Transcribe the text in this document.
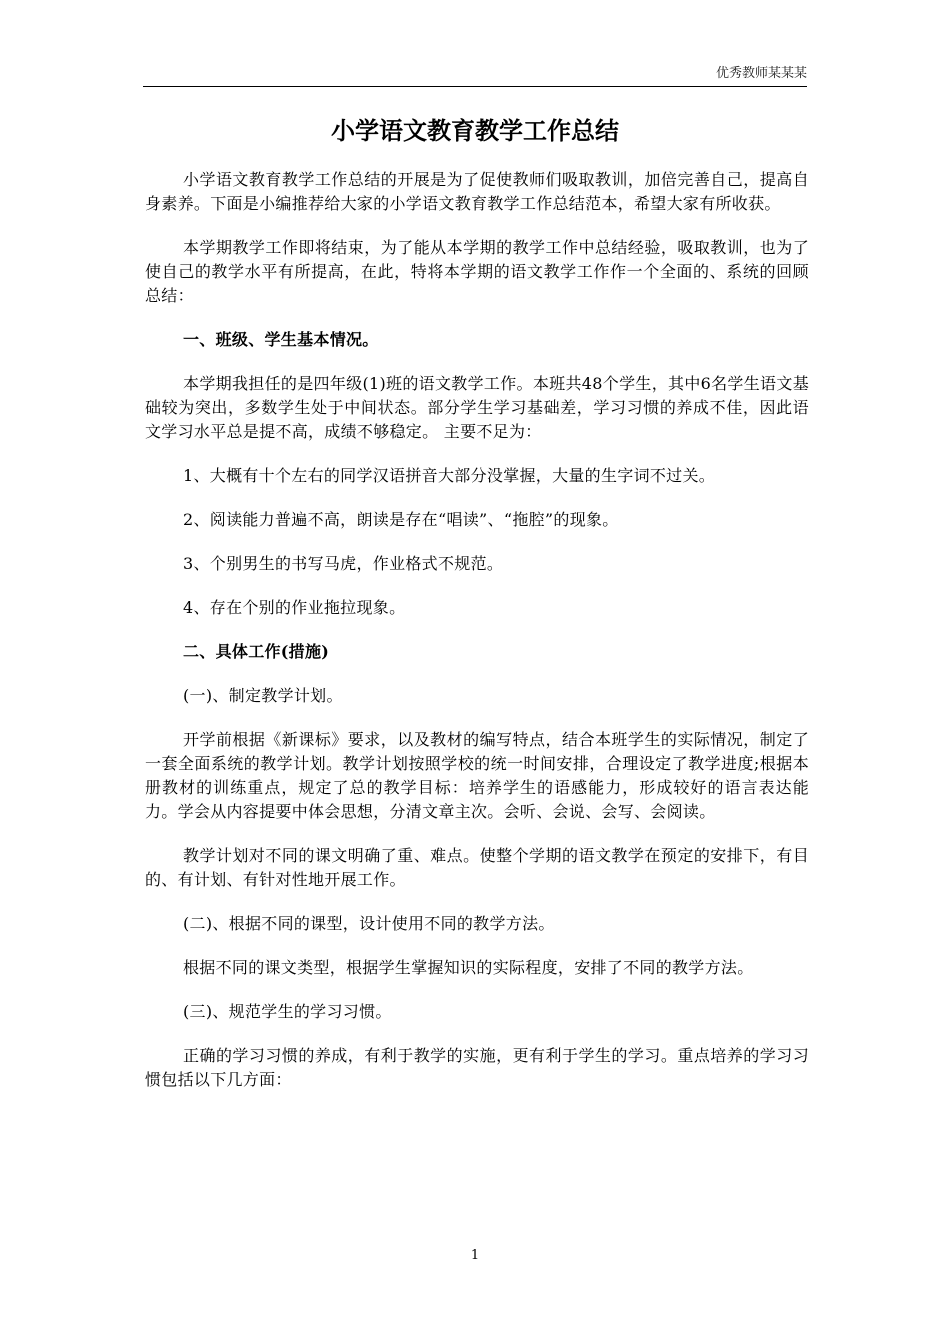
优秀教师某某某
小学语文教育教学工作总结

小学语文教育教学工作总结的开展是为了促使教师们吸取教训，加倍完善自己，提高自身素养。下面是小编推荐给大家的小学语文教育教学工作总结范本，希望大家有所收获。

本学期教学工作即将结束，为了能从本学期的教学工作中总结经验，吸取教训，也为了使自己的教学水平有所提高，在此，特将本学期的语文教学工作作一个全面的、系统的回顾总结：

一、班级、学生基本情况。

本学期我担任的是四年级(1)班的语文教学工作。本班共48个学生，其中6名学生语文基础较为突出，多数学生处于中间状态。部分学生学习基础差，学习习惯的养成不佳，因此语文学习水平总是提不高，成绩不够稳定。 主要不足为：

1、大概有十个左右的同学汉语拼音大部分没掌握，大量的生字词不过关。

2、阅读能力普遍不高，朗读是存在“唱读”、“拖腔”的现象。

3、个别男生的书写马虎，作业格式不规范。

4、存在个别的作业拖拉现象。

二、具体工作(措施)

(一)、制定教学计划。

开学前根据《新课标》要求，以及教材的编写特点，结合本班学生的实际情况，制定了一套全面系统的教学计划。教学计划按照学校的统一时间安排，合理设定了教学进度;根据本册教材的训练重点，规定了总的教学目标：培养学生的语感能力，形成较好的语言表达能力。学会从内容提要中体会思想，分清文章主次。会听、会说、会写、会阅读。

教学计划对不同的课文明确了重、难点。使整个学期的语文教学在预定的安排下，有目的、有计划、有针对性地开展工作。

(二)、根据不同的课型，设计使用不同的教学方法。

根据不同的课文类型，根据学生掌握知识的实际程度，安排了不同的教学方法。

(三)、规范学生的学习习惯。

正确的学习习惯的养成，有利于教学的实施，更有利于学生的学习。重点培养的学习习惯包括以下几方面：

1
